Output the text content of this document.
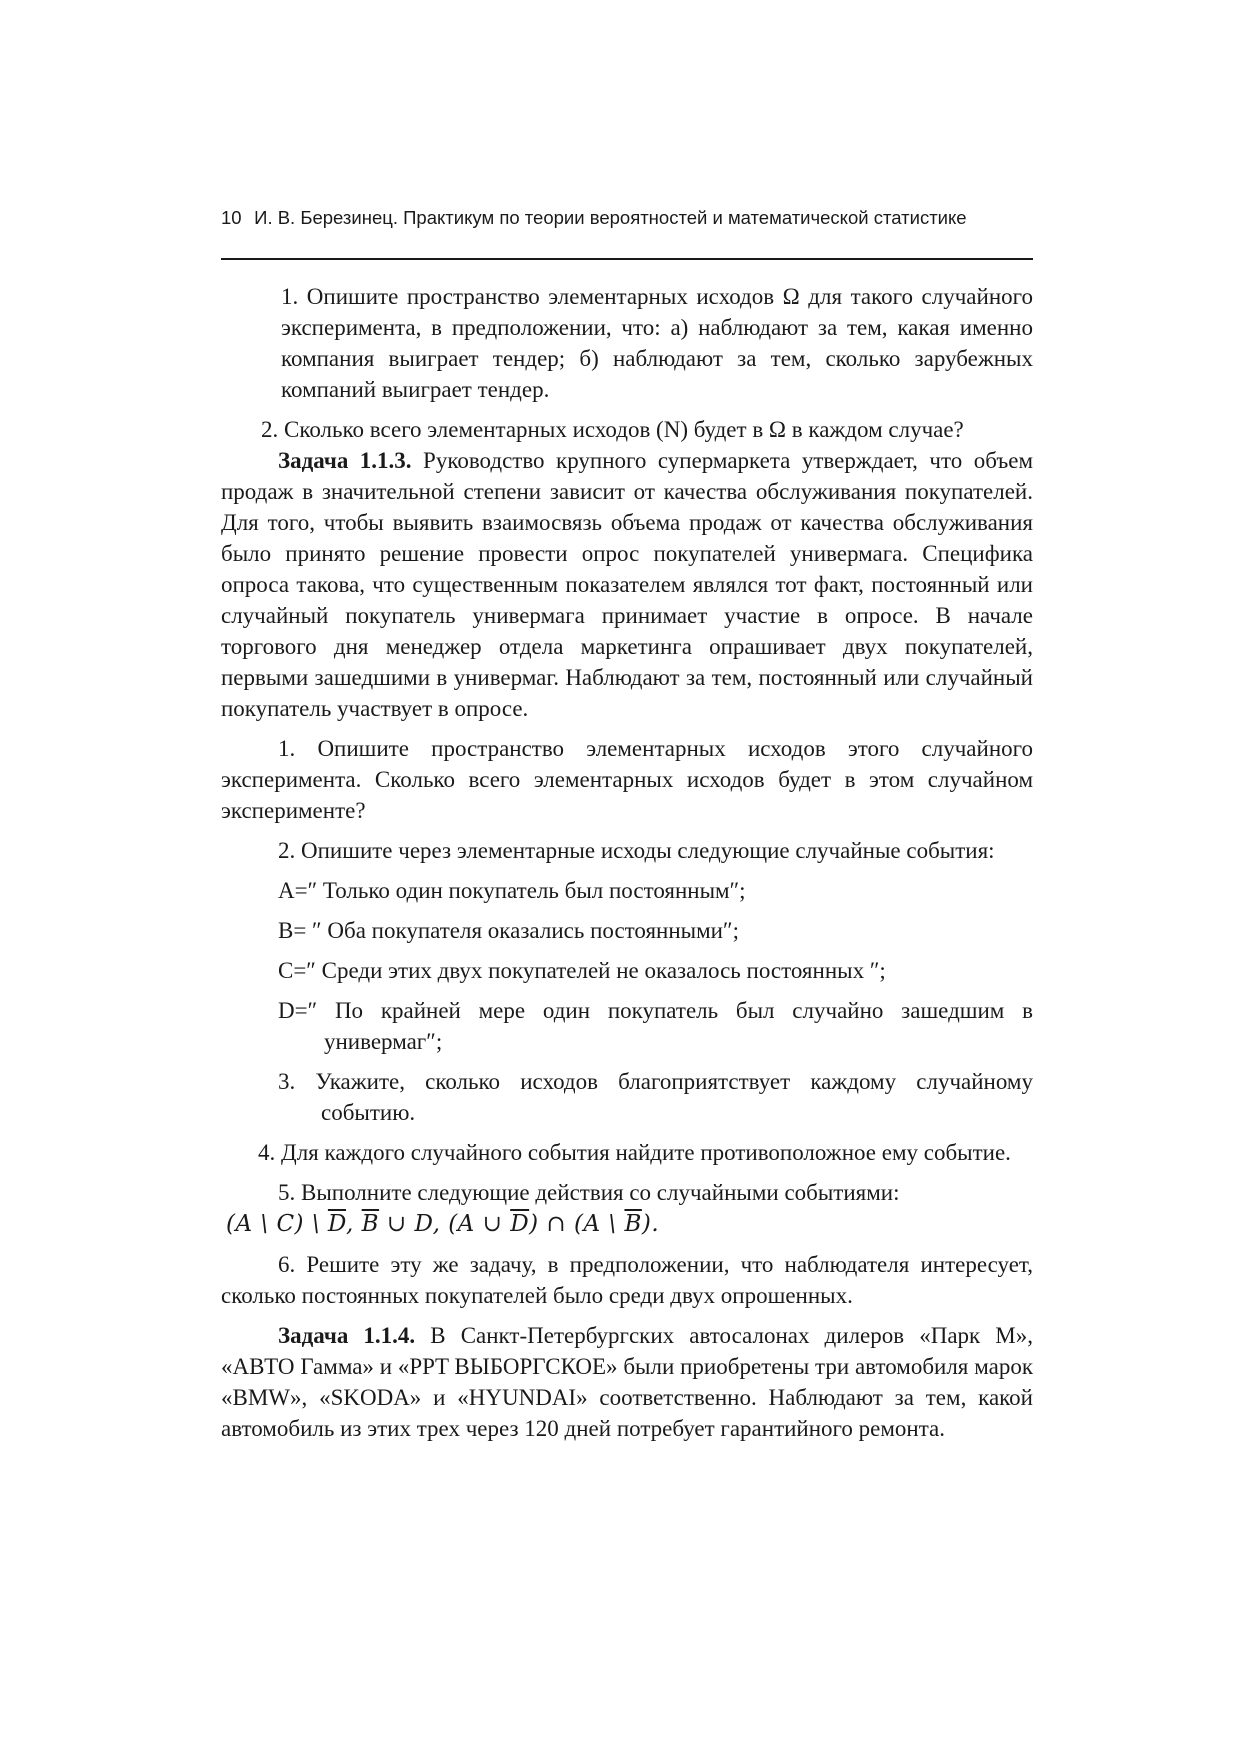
10 И. В. Березинец. Практикум по теории вероятностей и математической статистике

1. Опишите пространство элементарных исходов Ω для такого случайного эксперимента, в предположении, что: а) наблюдают за тем, какая именно компания выиграет тендер; б) наблюдают за тем, сколько зарубежных компаний выиграет тендер.

2. Сколько всего элементарных исходов (N) будет в Ω в каждом случае?

Задача 1.1.3. Руководство крупного супермаркета утверждает, что объем продаж в значительной степени зависит от качества обслуживания покупателей. Для того, чтобы выявить взаимосвязь объема продаж от качества обслуживания было принято решение провести опрос покупателей универмага. Специфика опроса такова, что существенным показателем являлся тот факт, постоянный или случайный покупатель универмага принимает участие в опросе. В начале торгового дня менеджер отдела маркетинга опрашивает двух покупателей, первыми зашедшими в универмаг. Наблюдают за тем, постоянный или случайный покупатель участвует в опросе.

1. Опишите пространство элементарных исходов этого случайного эксперимента. Сколько всего элементарных исходов будет в этом случайном эксперименте?

2. Опишите через элементарные исходы следующие случайные события:

A=″ Только один покупатель был постоянным″;

B= ″ Оба покупателя оказались постоянными″;

C=″ Среди этих двух покупателей не оказалось постоянных ″;

D=″ По крайней мере один покупатель был случайно зашедшим в универмаг″;

3. Укажите, сколько исходов благоприятствует каждому случайному событию.

4. Для каждого случайного события найдите противоположное ему событие.

5. Выполните следующие действия со случайными событиями:

(A \ C) \ $\overline{D}$, $\overline{B}$ ∪ D, (A ∪ $\overline{D}$) ∩ (A \ $\overline{B}$).

6. Решите эту же задачу, в предположении, что наблюдателя интересует, сколько постоянных покупателей было среди двух опрошенных.

Задача 1.1.4. В Санкт-Петербургских автосалонах дилеров «Парк М», «АВТО Гамма» и «PPT ВЫБОРГСКОЕ» были приобретены три автомобиля марок «BMW», «SKODA» и «HYUNDAI» соответственно. Наблюдают за тем, какой автомобиль из этих трех через 120 дней потребует гарантийного ремонта.
